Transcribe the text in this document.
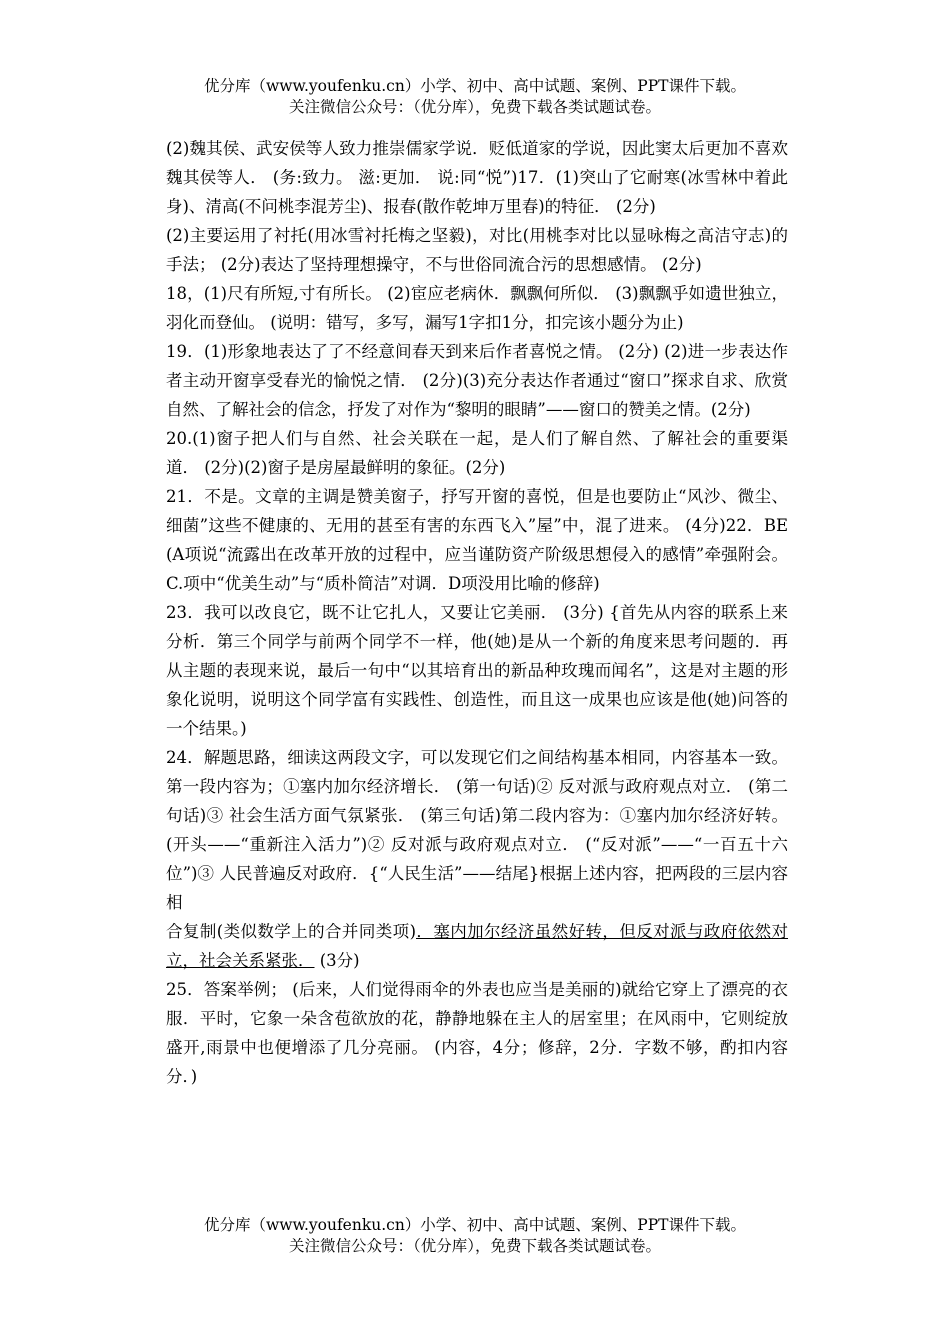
优分库（www.youfenku.cn）小学、初中、高中试题、案例、PPT课件下载。
关注微信公众号：（优分库），免费下载各类试题试卷。

(2)魏其侯、武安侯等人致力推崇儒家学说．贬低道家的学说，因此窦太后更加不喜欢魏其侯等人． (务:致力。 滋:更加． 说:同“悦”)17．(1)突山了它耐寒(冰雪林中着此身)、清高(不问桃李混芳尘)、报春(散作乾坤万里春)的特征． (2分)

(2)主要运用了衬托(用冰雪衬托梅之坚毅)，对比(用桃李对比以显咏梅之高洁守志)的手法； (2分)表达了坚持理想操守，不与世俗同流合污的思想感情。 (2分)

18，(1)尺有所短,寸有所长。 (2)宦应老病休．飘飘何所似． (3)飘飘乎如遗世独立，羽化而登仙。 (说明：错写，多写，漏写1字扣1分，扣完该小题分为止)

19．(1)形象地表达了了不经意间春天到来后作者喜悦之情。 (2分) (2)进一步表达作者主动开窗享受春光的愉悦之情． (2分)(3)充分表达作者通过“窗口”探求自求、欣赏自然、了解社会的信念，抒发了对作为“黎明的眼睛”——窗口的赞美之情。(2分)

20.(1)窗子把人们与自然、社会关联在一起，是人们了解自然、了解社会的重要渠道． (2分)(2)窗子是房屋最鲜明的象征。(2分)

21．不是。文章的主调是赞美窗子，抒写开窗的喜悦，但是也要防止“风沙、微尘、细菌”这些不健康的、无用的甚至有害的东西飞入”屋”中，混了进来。 (4分)22．BE(A项说“流露出在改革开放的过程中，应当谨防资产阶级思想侵入的感情”牵强附会。C.项中“优美生动”与“质朴简洁”对调．D项没用比喻的修辞)

23．我可以改良它，既不让它扎人，又要让它美丽． (3分) {首先从内容的联系上来分析．第三个同学与前两个同学不一样，他(她)是从一个新的角度来思考问题的．再从主题的表现来说，最后一句中“以其培育出的新品种玫瑰而闻名”，这是对主题的形象化说明，说明这个同学富有实践性、创造性，而且这一成果也应该是他(她)问答的一个结果。)

24．解题思路，细读这两段文字，可以发现它们之间结构基本相同，内容基本一致。第一段内容为；①塞内加尔经济增长． (第一句话)② 反对派与政府观点对立． (第二句话)③ 社会生活方面气氛紧张． (第三句话)第二段内容为：①塞内加尔经济好转。 (开头——“重新注入活力”)② 反对派与政府观点对立． (“反对派”——“一百五十六位”)③ 人民普遍反对政府．{“人民生活”——结尾}根据上述内容，把两段的三层内容相

合复制(类似数学上的合并同类项)．塞内加尔经济虽然好转，但反对派与政府依然对立，社会关系紧张． (3分)

25．答案举例； (后来，人们觉得雨伞的外表也应当是美丽的)就给它穿上了漂亮的衣服．平时，它象一朵含苞欲放的花，静静地躲在主人的居室里；在风雨中，它则绽放盛开,雨景中也便增添了几分亮丽。 (内容，4分；修辞，2分．字数不够，酌扣内容分．)

优分库（www.youfenku.cn）小学、初中、高中试题、案例、PPT课件下载。
关注微信公众号：（优分库），免费下载各类试题试卷。
